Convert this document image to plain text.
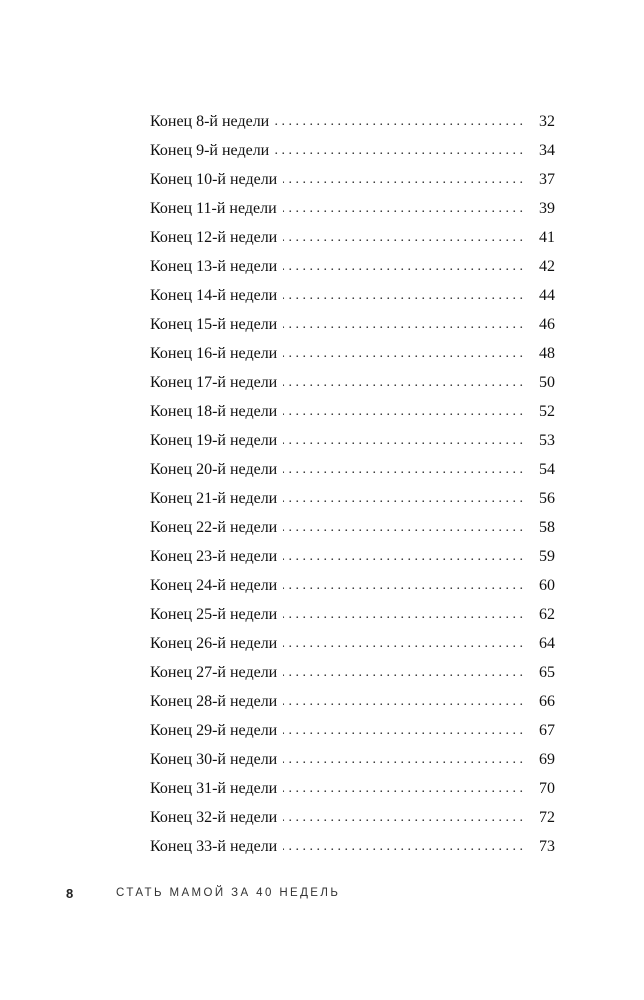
Конец 8-й недели . . .	32
Конец 9-й недели . . .	34
Конец 10-й недели . . .	37
Конец 11-й недели . . .	39
Конец 12-й недели . . .	41
Конец 13-й недели . . .	42
Конец 14-й недели . . .	44
Конец 15-й недели . . .	46
Конец 16-й недели . . .	48
Конец 17-й недели . . .	50
Конец 18-й недели . . .	52
Конец 19-й недели . . .	53
Конец 20-й недели . . .	54
Конец 21-й недели . . .	56
Конец 22-й недели . . .	58
Конец 23-й недели . . .	59
Конец 24-й недели . . .	60
Конец 25-й недели . . .	62
Конец 26-й недели . . .	64
Конец 27-й недели . . .	65
Конец 28-й недели . . .	66
Конец 29-й недели . . .	67
Конец 30-й недели . . .	69
Конец 31-й недели . . .	70
Конец 32-й недели . . .	72
Конец 33-й недели . . .	73
8	СТАТЬ МАМОЙ ЗА 40 НЕДЕЛЬ
